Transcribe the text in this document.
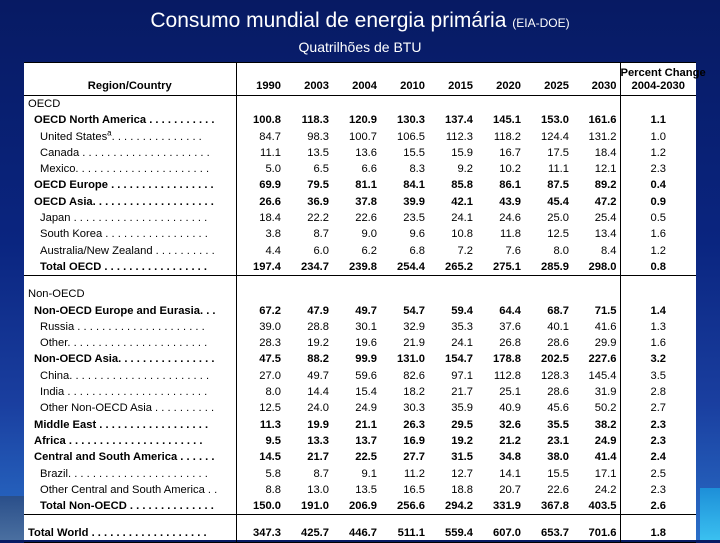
Consumo mundial de energia primária (EIA-DOE)
Quatrilhões de BTU
Region/Country	1990	2003	2004	2010	2015	2020	2025	2030	Percent Change
2004-2030
OECD									
OECD North America . . . . . . . . . . .	100.8	118.3	120.9	130.3	137.4	145.1	153.0	161.6	1.1
United States$^a$. . . . . . . . . . . . . . .	84.7	98.3	100.7	106.5	112.3	118.2	124.4	131.2	1.0
Canada . . . . . . . . . . . . . . . . . . . . .	11.1	13.5	13.6	15.5	15.9	16.7	17.5	18.4	1.2
Mexico. . . . . . . . . . . . . . . . . . . . . .	5.0	6.5	6.6	8.3	9.2	10.2	11.1	12.1	2.3
OECD Europe . . . . . . . . . . . . . . . . .	69.9	79.5	81.1	84.1	85.8	86.1	87.5	89.2	0.4
OECD Asia. . . . . . . . . . . . . . . . . . . .	26.6	36.9	37.8	39.9	42.1	43.9	45.4	47.2	0.9
Japan . . . . . . . . . . . . . . . . . . . . . .	18.4	22.2	22.6	23.5	24.1	24.6	25.0	25.4	0.5
South Korea . . . . . . . . . . . . . . . . .	3.8	8.7	9.0	9.6	10.8	11.8	12.5	13.4	1.6
Australia/New Zealand . . . . . . . . . .	4.4	6.0	6.2	6.8	7.2	7.6	8.0	8.4	1.2
Total OECD . . . . . . . . . . . . . . . . .	197.4	234.7	239.8	254.4	265.2	275.1	285.9	298.0	0.8

Non-OECD									
Non-OECD Europe and Eurasia. . .	67.2	47.9	49.7	54.7	59.4	64.4	68.7	71.5	1.4
Russia . . . . . . . . . . . . . . . . . . . . .	39.0	28.8	30.1	32.9	35.3	37.6	40.1	41.6	1.3
Other. . . . . . . . . . . . . . . . . . . . . . .	28.3	19.2	19.6	21.9	24.1	26.8	28.6	29.9	1.6
Non-OECD Asia. . . . . . . . . . . . . . . .	47.5	88.2	99.9	131.0	154.7	178.8	202.5	227.6	3.2
China. . . . . . . . . . . . . . . . . . . . . . .	27.0	49.7	59.6	82.6	97.1	112.8	128.3	145.4	3.5
India . . . . . . . . . . . . . . . . . . . . . . .	8.0	14.4	15.4	18.2	21.7	25.1	28.6	31.9	2.8
Other Non-OECD Asia . . . . . . . . . .	12.5	24.0	24.9	30.3	35.9	40.9	45.6	50.2	2.7
Middle East . . . . . . . . . . . . . . . . . .	11.3	19.9	21.1	26.3	29.5	32.6	35.5	38.2	2.3
Africa . . . . . . . . . . . . . . . . . . . . . .	9.5	13.3	13.7	16.9	19.2	21.2	23.1	24.9	2.3
Central and South America . . . . . .	14.5	21.7	22.5	27.7	31.5	34.8	38.0	41.4	2.4
Brazil. . . . . . . . . . . . . . . . . . . . . . .	5.8	8.7	9.1	11.2	12.7	14.1	15.5	17.1	2.5
Other Central and South America . .	8.8	13.0	13.5	16.5	18.8	20.7	22.6	24.2	2.3
Total Non-OECD . . . . . . . . . . . . . .	150.0	191.0	206.9	256.6	294.2	331.9	367.8	403.5	2.6

Total World . . . . . . . . . . . . . . . . . . .	347.3	425.7	446.7	511.1	559.4	607.0	653.7	701.6	1.8
